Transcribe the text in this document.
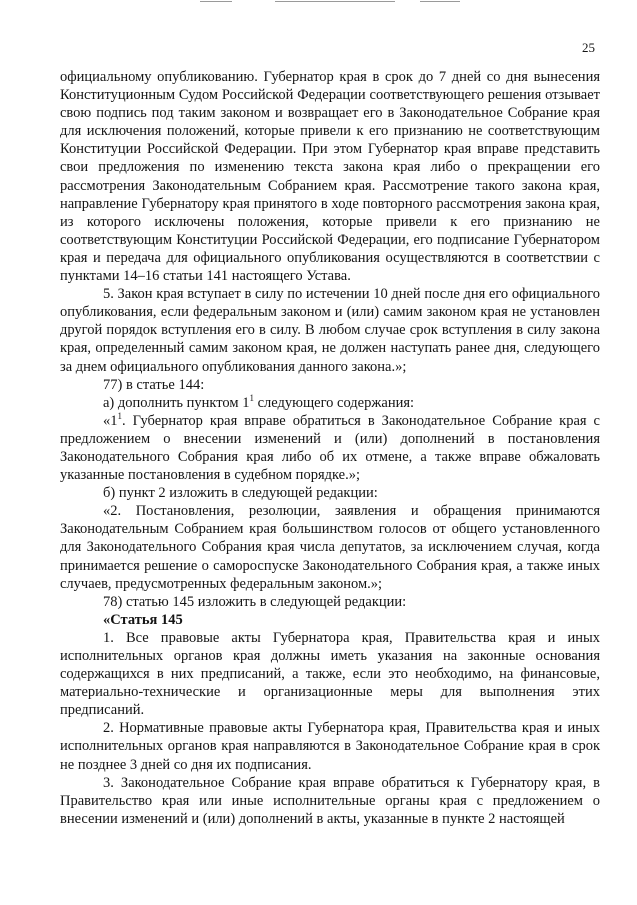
25

официальному опубликованию. Губернатор края в срок до 7 дней со дня вынесения Конституционным Судом Российской Федерации соответствующего решения отзывает свою подпись под таким законом и возвращает его в Законодательное Собрание края для исключения положений, которые привели к его признанию не соответствующим Конституции Российской Федерации. При этом Губернатор края вправе представить свои предложения по изменению текста закона края либо о прекращении его рассмотрения Законодательным Собранием края. Рассмотрение такого закона края, направление Губернатору края принятого в ходе повторного рассмотрения закона края, из которого исключены положения, которые привели к его признанию не соответствующим Конституции Российской Федерации, его подписание Губернатором края и передача для официального опубликования осуществляются в соответствии с пунктами 14–16 статьи 141 настоящего Устава.

5. Закон края вступает в силу по истечении 10 дней после дня его официального опубликования, если федеральным законом и (или) самим законом края не установлен другой порядок вступления его в силу. В любом случае срок вступления в силу закона края, определенный самим законом края, не должен наступать ранее дня, следующего за днем официального опубликования данного закона.»;

77) в статье 144:

а) дополнить пунктом $1^1$ следующего содержания:

«$1^1$. Губернатор края вправе обратиться в Законодательное Собрание края с предложением о внесении изменений и (или) дополнений в постановления Законодательного Собрания края либо об их отмене, а также вправе обжаловать указанные постановления в судебном порядке.»;

б) пункт 2 изложить в следующей редакции:

«2. Постановления, резолюции, заявления и обращения принимаются Законодательным Собранием края большинством голосов от общего установленного для Законодательного Собрания края числа депутатов, за исключением случая, когда принимается решение о самороспуске Законодательного Собрания края, а также иных случаев, предусмотренных федеральным законом.»;

78) статью 145 изложить в следующей редакции:

«Статья 145

1. Все правовые акты Губернатора края, Правительства края и иных исполнительных органов края должны иметь указания на законные основания содержащихся в них предписаний, а также, если это необходимо, на финансовые, материально-технические и организационные меры для выполнения этих предписаний.

2. Нормативные правовые акты Губернатора края, Правительства края и иных исполнительных органов края направляются в Законодательное Собрание края в срок не позднее 3 дней со дня их подписания.

3. Законодательное Собрание края вправе обратиться к Губернатору края, в Правительство края или иные исполнительные органы края с предложением о внесении изменений и (или) дополнений в акты, указанные в пункте 2 настоящей
